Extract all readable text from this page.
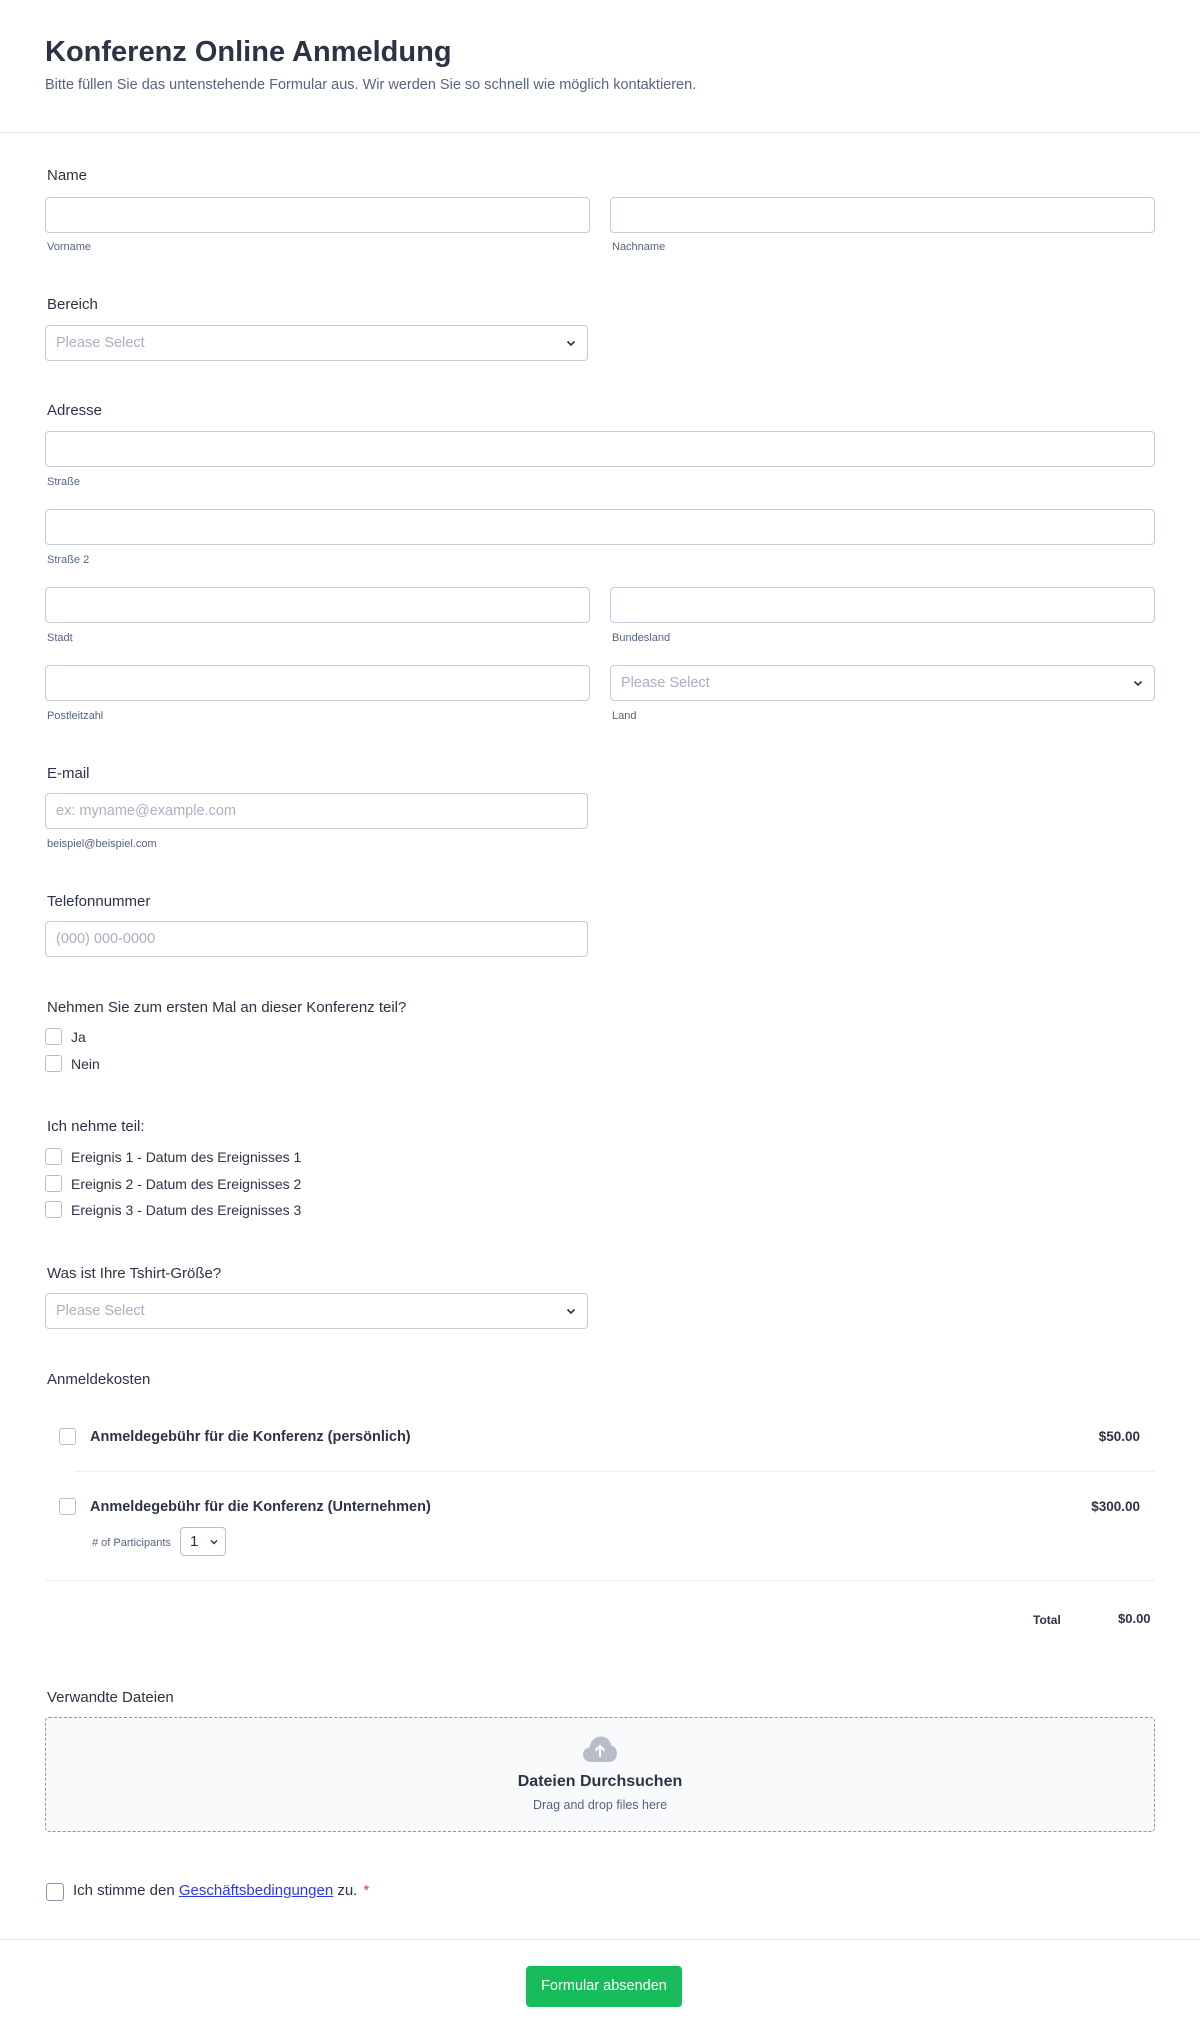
Konferenz Online Anmeldung

Bitte füllen Sie das untenstehende Formular aus. Wir werden Sie so schnell wie möglich kontaktieren.

Name
Vorname	Nachname
Bereich
Please Select
Adresse
Straße
Straße 2
Stadt	Bundesland
Please Select
Postleitzahl	Land
E-mail
ex: myname@example.com
beispiel@beispiel.com
Telefonnummer
(000) 000-0000
Nehmen Sie zum ersten Mal an dieser Konferenz teil?
Ja
Nein
Ich nehme teil:
Ereignis 1 - Datum des Ereignisses 1
Ereignis 2 - Datum des Ereignisses 2
Ereignis 3 - Datum des Ereignisses 3
Was ist Ihre Tshirt-Größe?
Please Select
Anmeldekosten
Anmeldegebühr für die Konferenz (persönlich)	$50.00
Anmeldegebühr für die Konferenz (Unternehmen)	$300.00
# of Participants 1
Total	$0.00
Verwandte Dateien
Dateien Durchsuchen
Drag and drop files here
Ich stimme den Geschäftsbedingungen zu. *
Formular absenden
